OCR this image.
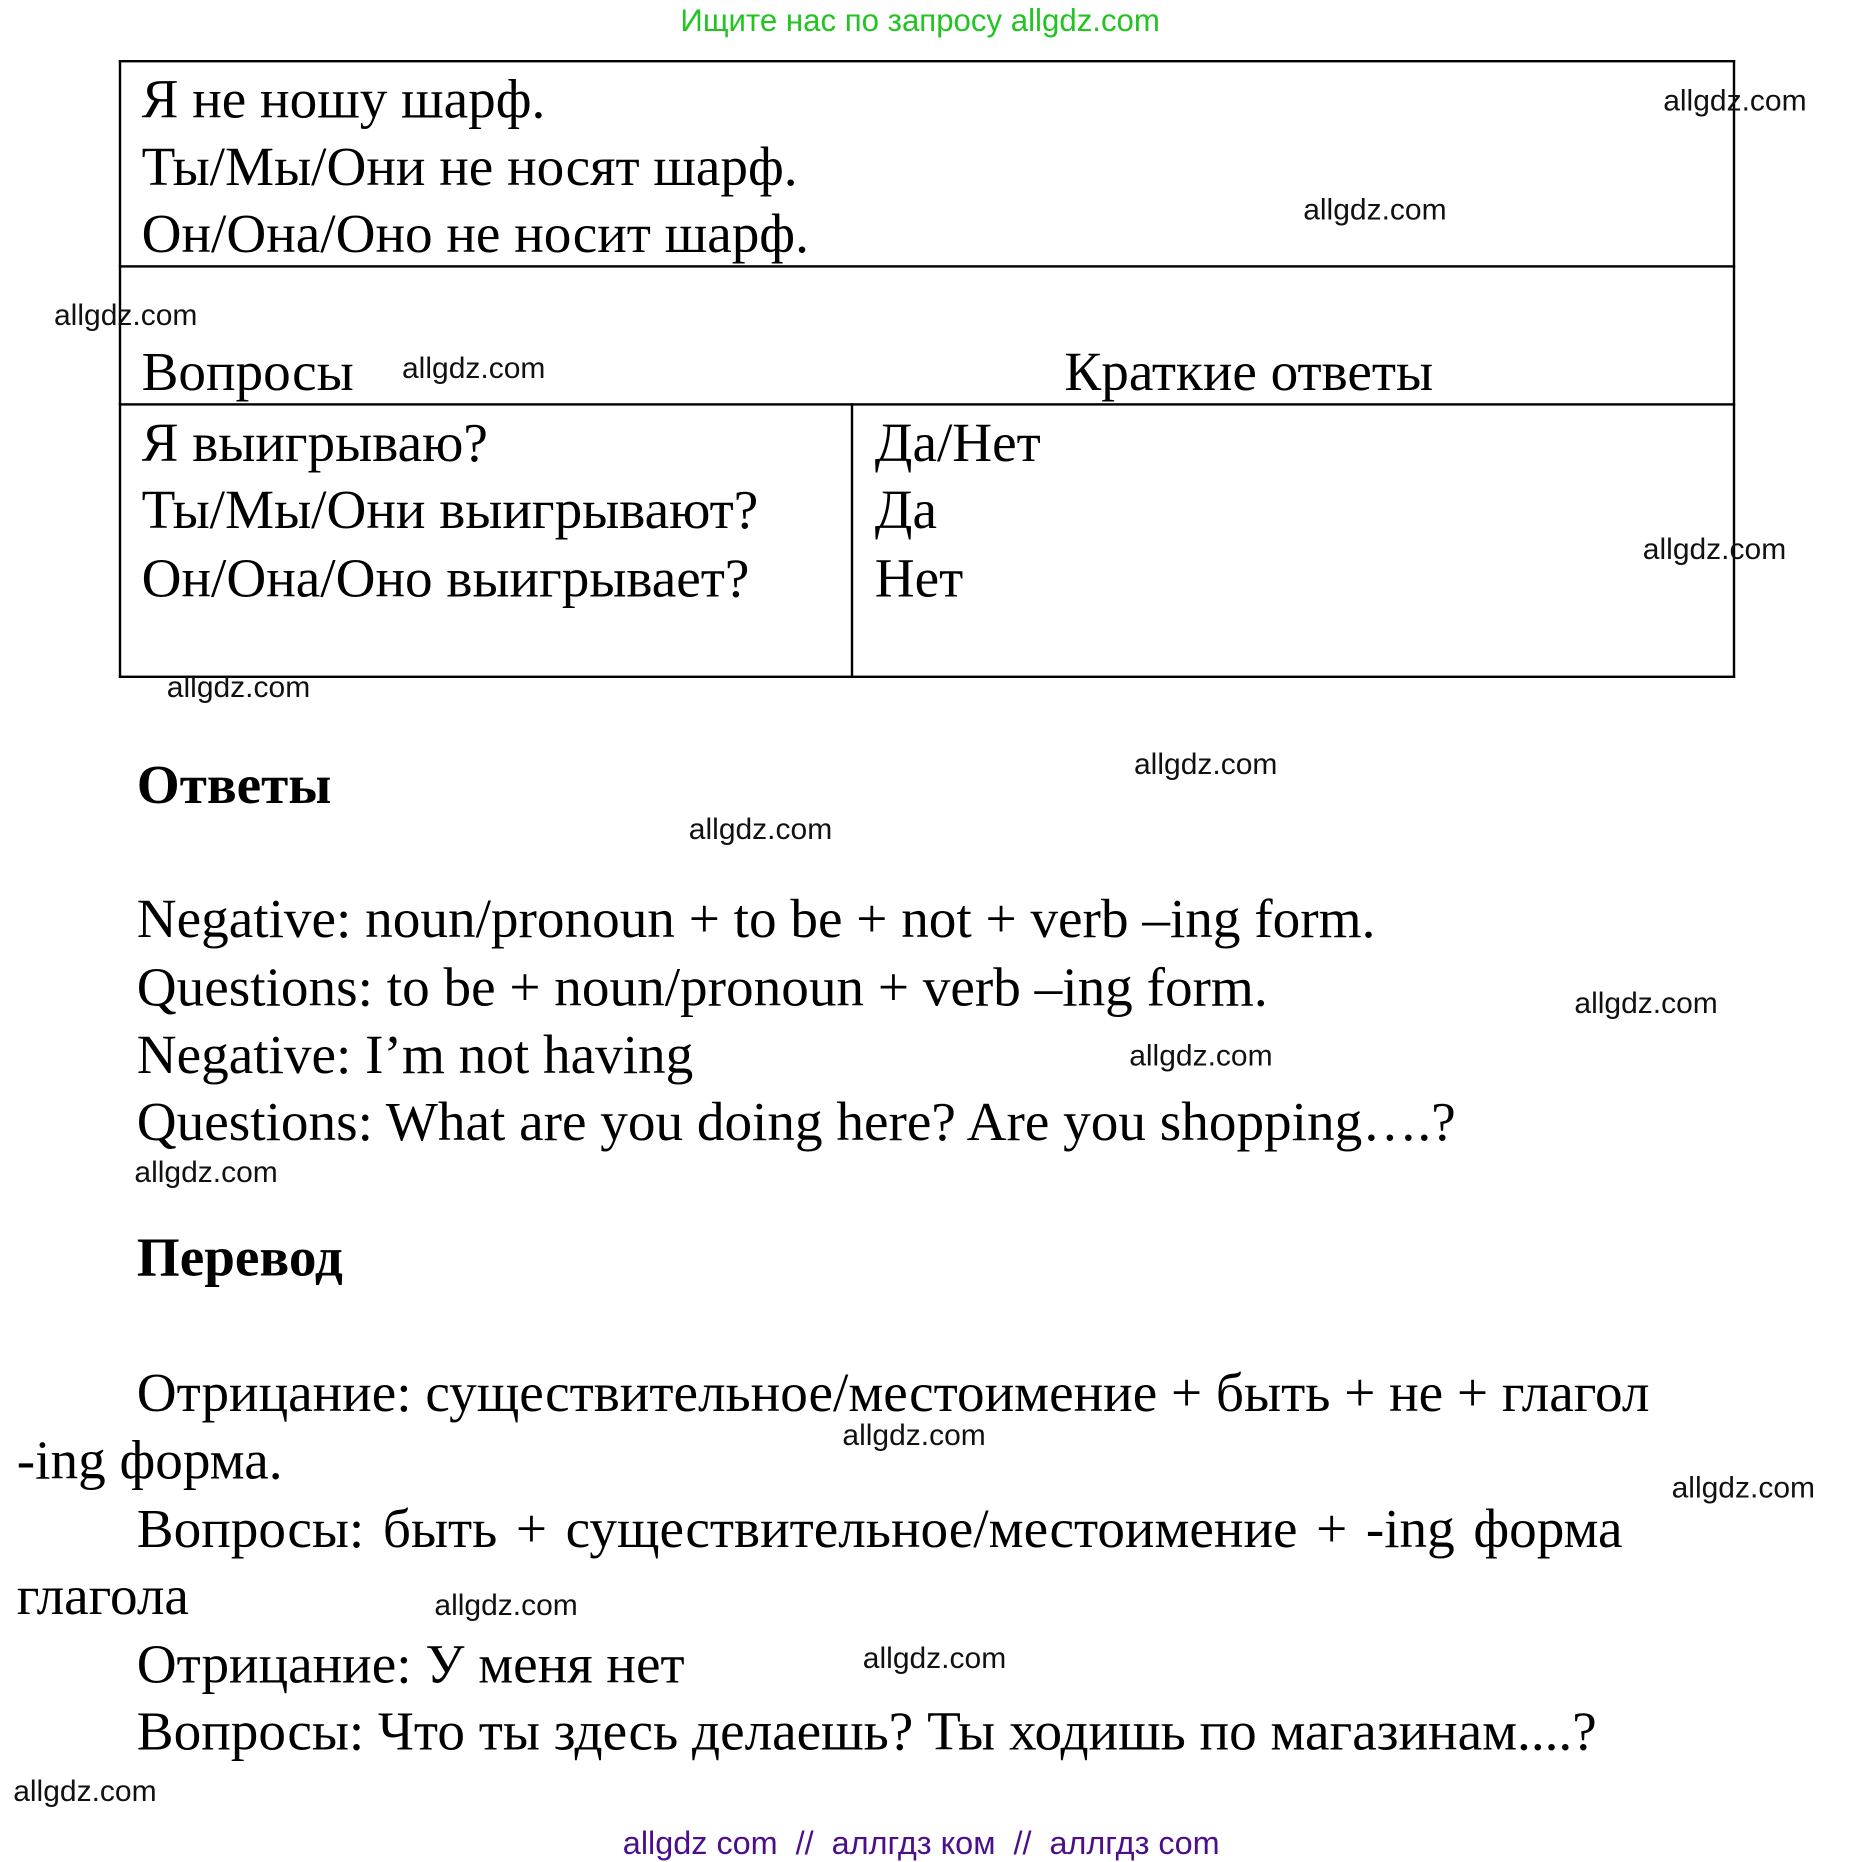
Ищите нас по запросу allgdz.com
Я не ношу шарф.
Ты/Мы/Они не носят шарф.
Он/Она/Оно не носит шарф.
Вопросы	Краткие ответы
Я выигрываю?
Ты/Мы/Они выигрывают?
Он/Она/Оно выигрывает?
Да/Нет
Да
Нет
Ответы
Negative: noun/pronoun + to be + not + verb –ing form.
Questions: to be + noun/pronoun + verb –ing form.
Negative: I’m not having
Questions: What are you doing here? Are you shopping….?
Перевод
Отрицание: существительное/местоимение + быть + не + глагол
-ing форма.
Вопросы: быть + существительное/местоимение + -ing форма
глагола
Отрицание: У меня нет
Вопросы: Что ты здесь делаешь? Ты ходишь по магазинам....?
allgdz.com
allgdz.com
allgdz.com
allgdz.com
allgdz.com
allgdz.com
allgdz.com
allgdz.com
allgdz.com
allgdz.com
allgdz.com
allgdz.com
allgdz.com
allgdz.com
allgdz.com
allgdz.com
allgdz com  //  аллгдз ком  //  аллгдз com
